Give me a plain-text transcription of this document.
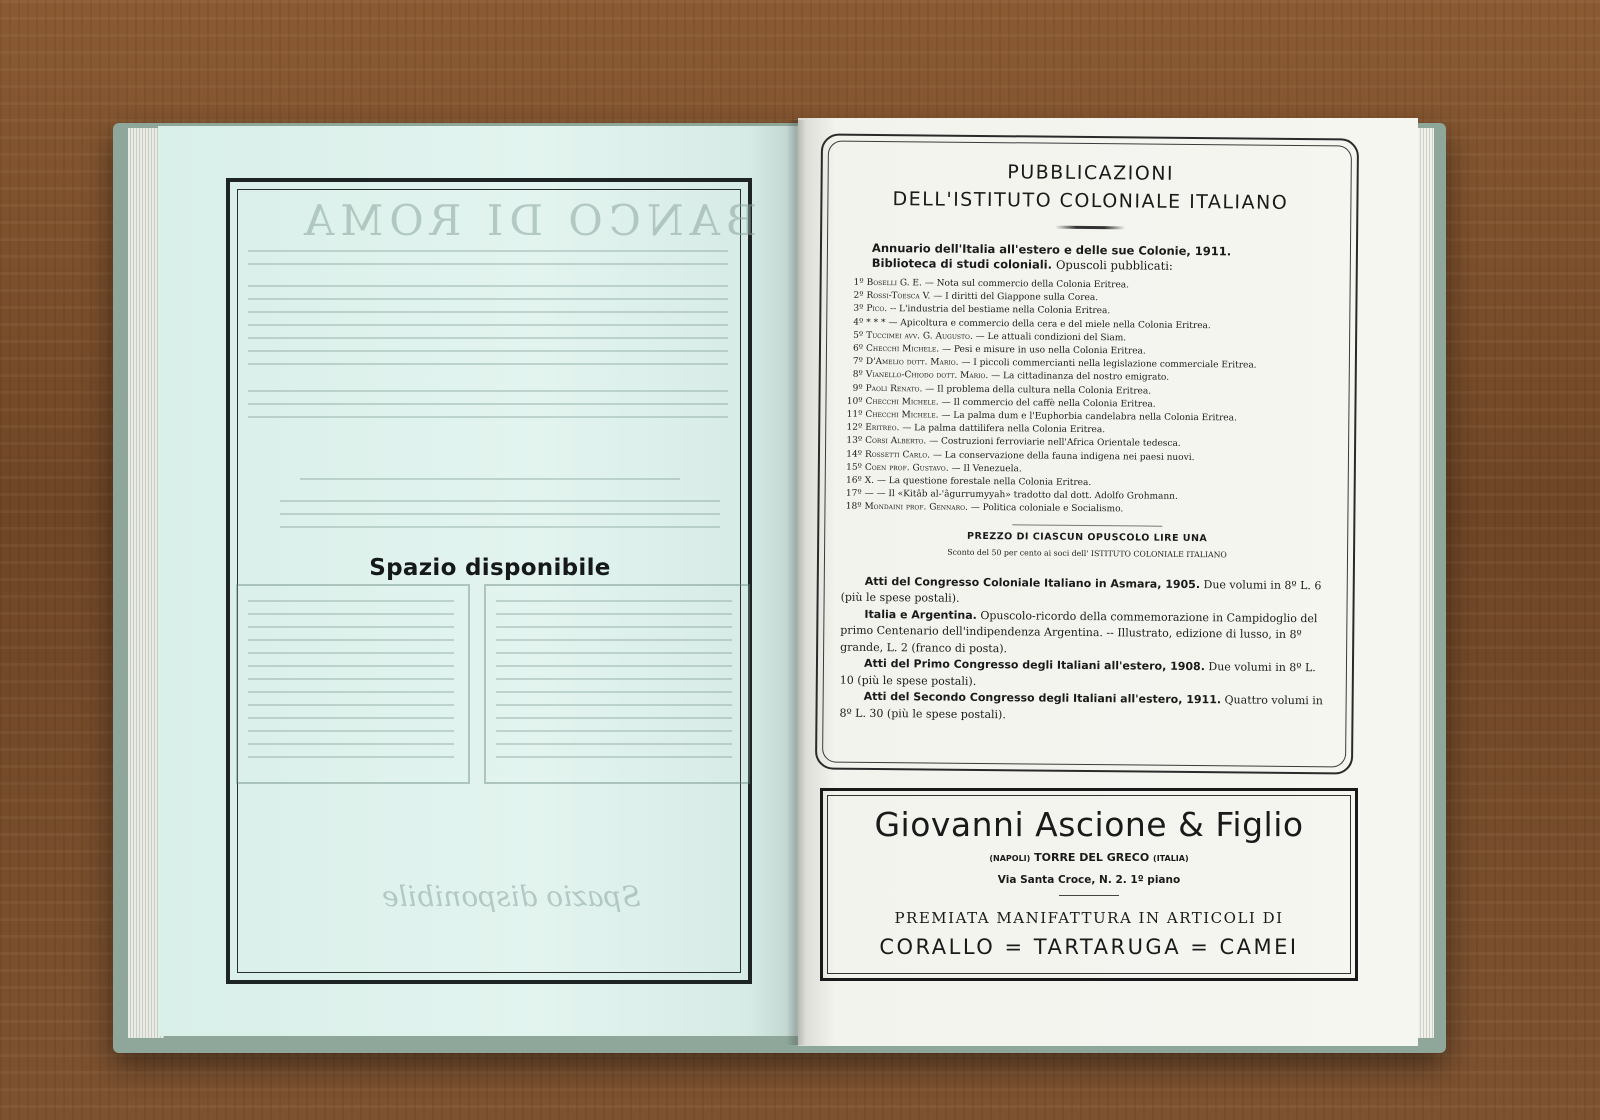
BANCO DI ROMA
Spazio disponibile
Spazio disponibile
PUBBLICAZIONI
DELL'ISTITUTO COLONIALE ITALIANO
Annuario dell'Italia all'estero e delle sue Colonie, 1911.
Biblioteca di studi coloniali. Opuscoli pubblicati:
1º Boselli G. E. — Nota sul commercio della Colonia Eritrea.
2º Rossi-Toesca V. — I diritti del Giappone sulla Corea.
3º Pico. -- L'industria del bestiame nella Colonia Eritrea.
4º * * * — Apicoltura e commercio della cera e del miele nella Colonia Eritrea.
5º Tuccimei avv. G. Augusto. — Le attuali condizioni del Siam.
6º Checchi Michele. — Pesi e misure in uso nella Colonia Eritrea.
7º D'Amelio dott. Mario. — I piccoli commercianti nella legislazione commerciale Eritrea.
8º Vianello-Chiodo dott. Mario. — La cittadinanza del nostro emigrato.
9º Paoli Renato. — Il problema della cultura nella Colonia Eritrea.
10º Checchi Michele. — Il commercio del caffè nella Colonia Eritrea.
11º Checchi Michele. — La palma dum e l'Euphorbia candelabra nella Colonia Eritrea.
12º Eritreo. — La palma dattilifera nella Colonia Eritrea.
13º Corsi Alberto. — Costruzioni ferroviarie nell'Africa Orientale tedesca.
14º Rossetti Carlo. — La conservazione della fauna indigena nei paesi nuovi.
15º Coen prof. Gustavo. — Il Venezuela.
16º X. — La questione forestale nella Colonia Eritrea.
17º — — Il «Kitâb al-'âgurrumyyah» tradotto dal dott. Adolfo Grohmann.
18º Mondaini prof. Gennaro. — Politica coloniale e Socialismo.
PREZZO DI CIASCUN OPUSCOLO LIRE UNA
Sconto del 50 per cento ai soci dell' ISTITUTO COLONIALE ITALIANO

Atti del Congresso Coloniale Italiano in Asmara, 1905. Due volumi in 8º L. 6 (più le spese postali).

Italia e Argentina. Opuscolo-ricordo della commemorazione in Campidoglio del primo Centenario dell'indipendenza Argentina. -- Illustrato, edizione di lusso, in 8º grande, L. 2 (franco di posta).

Atti del Primo Congresso degli Italiani all'estero, 1908. Due volumi in 8º L. 10 (più le spese postali).

Atti del Secondo Congresso degli Italiani all'estero, 1911. Quattro volumi in 8º L. 30 (più le spese postali).

Giovanni Ascione & Figlio
(NAPOLI) TORRE DEL GRECO (ITALIA)
Via Santa Croce, N. 2. 1º piano
PREMIATA MANIFATTURA IN ARTICOLI DI
CORALLO = TARTARUGA = CAMEI
